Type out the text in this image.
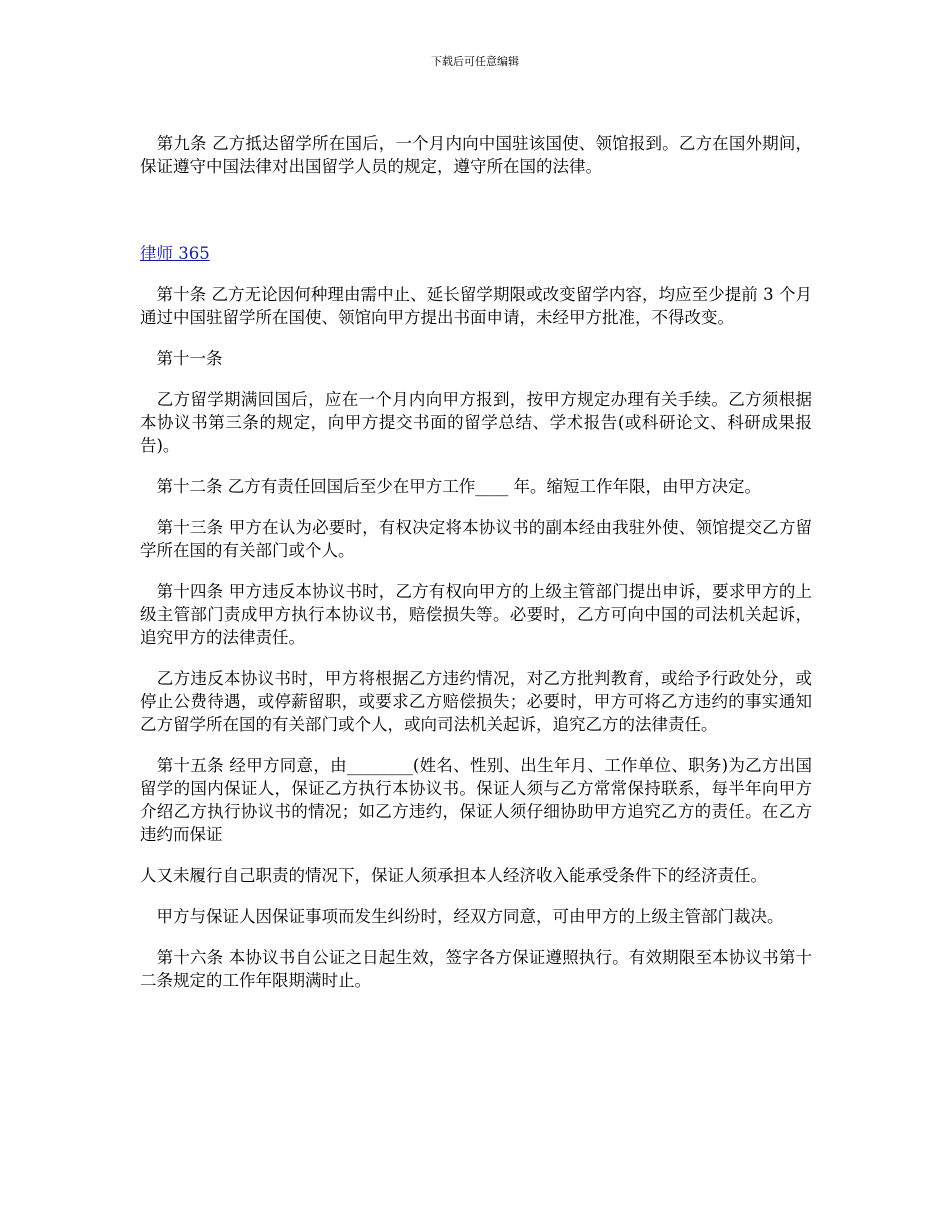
下载后可任意编辑

　第九条 乙方抵达留学所在国后，一个月内向中国驻该国使、领馆报到。乙方在国外期间，保证遵守中国法律对出国留学人员的规定，遵守所在国的法律。

律师 365

　第十条 乙方无论因何种理由需中止、延长留学期限或改变留学内容，均应至少提前 3 个月通过中国驻留学所在国使、领馆向甲方提出书面申请，未经甲方批准，不得改变。

　第十一条

　乙方留学期满回国后，应在一个月内向甲方报到，按甲方规定办理有关手续。乙方须根据本协议书第三条的规定，向甲方提交书面的留学总结、学术报告(或科研论文、科研成果报告)。

　第十二条 乙方有责任回国后至少在甲方工作____ 年。缩短工作年限，由甲方决定。

　第十三条 甲方在认为必要时，有权决定将本协议书的副本经由我驻外使、领馆提交乙方留学所在国的有关部门或个人。

　第十四条 甲方违反本协议书时，乙方有权向甲方的上级主管部门提出申诉，要求甲方的上级主管部门责成甲方执行本协议书，赔偿损失等。必要时，乙方可向中国的司法机关起诉，追究甲方的法律责任。

　乙方违反本协议书时，甲方将根据乙方违约情况，对乙方批判教育，或给予行政处分，或停止公费待遇，或停薪留职，或要求乙方赔偿损失；必要时，甲方可将乙方违约的事实通知乙方留学所在国的有关部门或个人，或向司法机关起诉，追究乙方的法律责任。

　第十五条 经甲方同意，由________(姓名、性别、出生年月、工作单位、职务)为乙方出国留学的国内保证人，保证乙方执行本协议书。保证人须与乙方常常保持联系，每半年向甲方介绍乙方执行协议书的情况；如乙方违约，保证人须仔细协助甲方追究乙方的责任。在乙方违约而保证

人又未履行自己职责的情况下，保证人须承担本人经济收入能承受条件下的经济责任。

　甲方与保证人因保证事项而发生纠纷时，经双方同意，可由甲方的上级主管部门裁决。

　第十六条 本协议书自公证之日起生效，签字各方保证遵照执行。有效期限至本协议书第十二条规定的工作年限期满时止。
